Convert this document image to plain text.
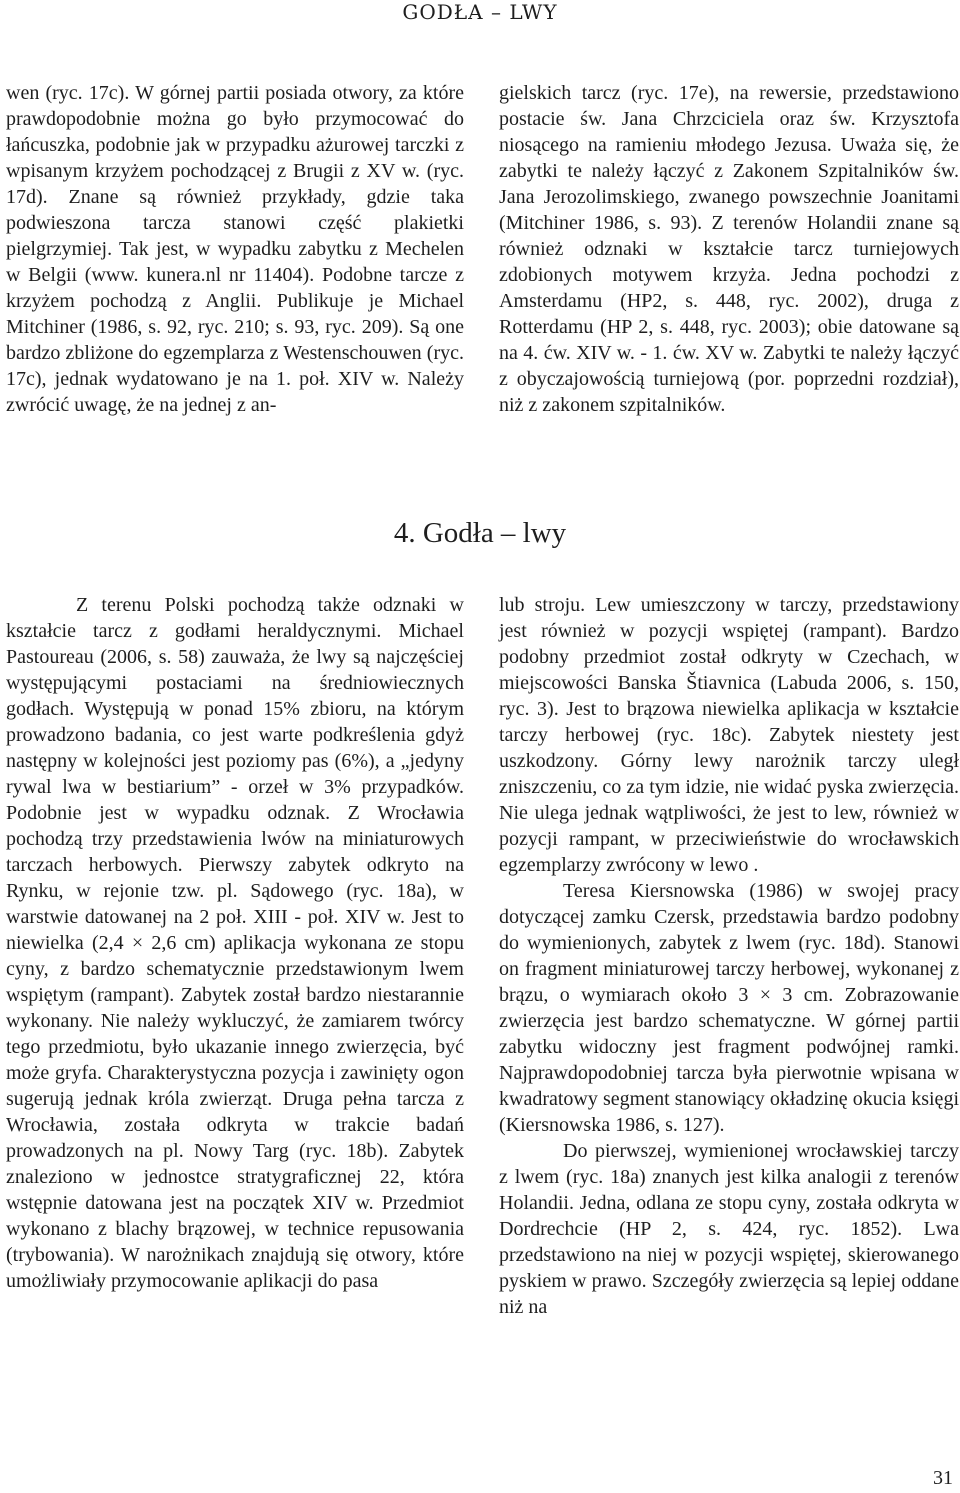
GODŁA – LWY

wen (ryc. 17c). W górnej partii posiada otwory, za które prawdopodobnie można go było przymocować do łańcuszka, podobnie jak w przypadku ażurowej tarczki z wpisanym krzyżem pochodzącej z Brugii z XV w. (ryc. 17d). Znane są również przykłady, gdzie taka podwieszona tarcza stanowi część plakietki pielgrzymiej. Tak jest, w wypadku zabytku z Mechelen w Belgii (www. kunera.nl nr 11404). Podobne tarcze z krzyżem pochodzą z Anglii. Publikuje je Michael Mitchiner (1986, s. 92, ryc. 210; s. 93, ryc. 209). Są one bardzo zbliżone do egzemplarza z Westenschouwen (ryc. 17c), jednak wydatowano je na 1. poł. XIV w. Należy zwrócić uwagę, że na jednej z an-

gielskich tarcz (ryc. 17e), na rewersie, przedstawiono postacie św. Jana Chrzciciela oraz św. Krzysztofa niosącego na ramieniu młodego Jezusa. Uważa się, że zabytki te należy łączyć z Zakonem Szpitalników św. Jana Jerozolimskiego, zwanego powszechnie Joanitami (Mitchiner 1986, s. 93). Z terenów Holandii znane są również odznaki w kształcie tarcz turniejowych zdobionych motywem krzyża. Jedna pochodzi z Amsterdamu (HP2, s. 448, ryc. 2002), druga z Rotterdamu (HP 2, s. 448, ryc. 2003); obie datowane są na 4. ćw. XIV w. - 1. ćw. XV w. Zabytki te należy łączyć z obyczajowością turniejową (por. poprzedni rozdział), niż z zakonem szpitalników.

4. Godła – lwy

Z terenu Polski pochodzą także odznaki w kształcie tarcz z godłami heraldycznymi. Michael Pastoureau (2006, s. 58) zauważa, że lwy są najczęściej występującymi postaciami na średniowiecznych godłach. Występują w ponad 15% zbioru, na którym prowadzono badania, co jest warte podkreślenia gdyż następny w kolejności jest poziomy pas (6%), a „jedyny rywal lwa w bestiarium” - orzeł w 3% przypadków. Podobnie jest w wypadku odznak. Z Wrocławia pochodzą trzy przedstawienia lwów na miniaturowych tarczach herbowych. Pierwszy zabytek odkryto na Rynku, w rejonie tzw. pl. Sądowego (ryc. 18a), w warstwie datowanej na 2 poł. XIII - poł. XIV w. Jest to niewielka (2,4 × 2,6 cm) aplikacja wykonana ze stopu cyny, z bardzo schematycznie przedstawionym lwem wspiętym (rampant). Zabytek został bardzo niestarannie wykonany. Nie należy wykluczyć, że zamiarem twórcy tego przedmiotu, było ukazanie innego zwierzęcia, być może gryfa. Charakterystyczna pozycja i zawinięty ogon sugerują jednak króla zwierząt. Druga pełna tarcza z Wrocławia, została odkryta w trakcie badań prowadzonych na pl. Nowy Targ (ryc. 18b). Zabytek znaleziono w jednostce stratygraficznej 22, która wstępnie datowana jest na początek XIV w. Przedmiot wykonano z blachy brązowej, w technice repusowania (trybowania). W narożnikach znajdują się otwory, które umożliwiały przymocowanie aplikacji do pasa

lub stroju. Lew umieszczony w tarczy, przedstawiony jest również w pozycji wspiętej (rampant). Bardzo podobny przedmiot został odkryty w Czechach, w miejscowości Banska Štiavnica (Labuda 2006, s. 150, ryc. 3). Jest to brązowa niewielka aplikacja w kształcie tarczy herbowej (ryc. 18c). Zabytek niestety jest uszkodzony. Górny lewy narożnik tarczy uległ zniszczeniu, co za tym idzie, nie widać pyska zwierzęcia. Nie ulega jednak wątpliwości, że jest to lew, również w pozycji rampant, w przeciwieństwie do wrocławskich egzemplarzy zwrócony w lewo .

Teresa Kiersnowska (1986) w swojej pracy dotyczącej zamku Czersk, przedstawia bardzo podobny do wymienionych, zabytek z lwem (ryc. 18d). Stanowi on fragment miniaturowej tarczy herbowej, wykonanej z brązu, o wymiarach około 3 × 3 cm. Zobrazowanie zwierzęcia jest bardzo schematyczne. W górnej partii zabytku widoczny jest fragment podwójnej ramki. Najprawdopodobniej tarcza była pierwotnie wpisana w kwadratowy segment stanowiący okładzinę okucia księgi (Kiersnowska 1986, s. 127).

Do pierwszej, wymienionej wrocławskiej tarczy z lwem (ryc. 18a) znanych jest kilka analogii z terenów Holandii. Jedna, odlana ze stopu cyny, została odkryta w Dordrechcie (HP 2, s. 424, ryc. 1852). Lwa przedstawiono na niej w pozycji wspiętej, skierowanego pyskiem w prawo. Szczegóły zwierzęcia są lepiej oddane niż na

31
